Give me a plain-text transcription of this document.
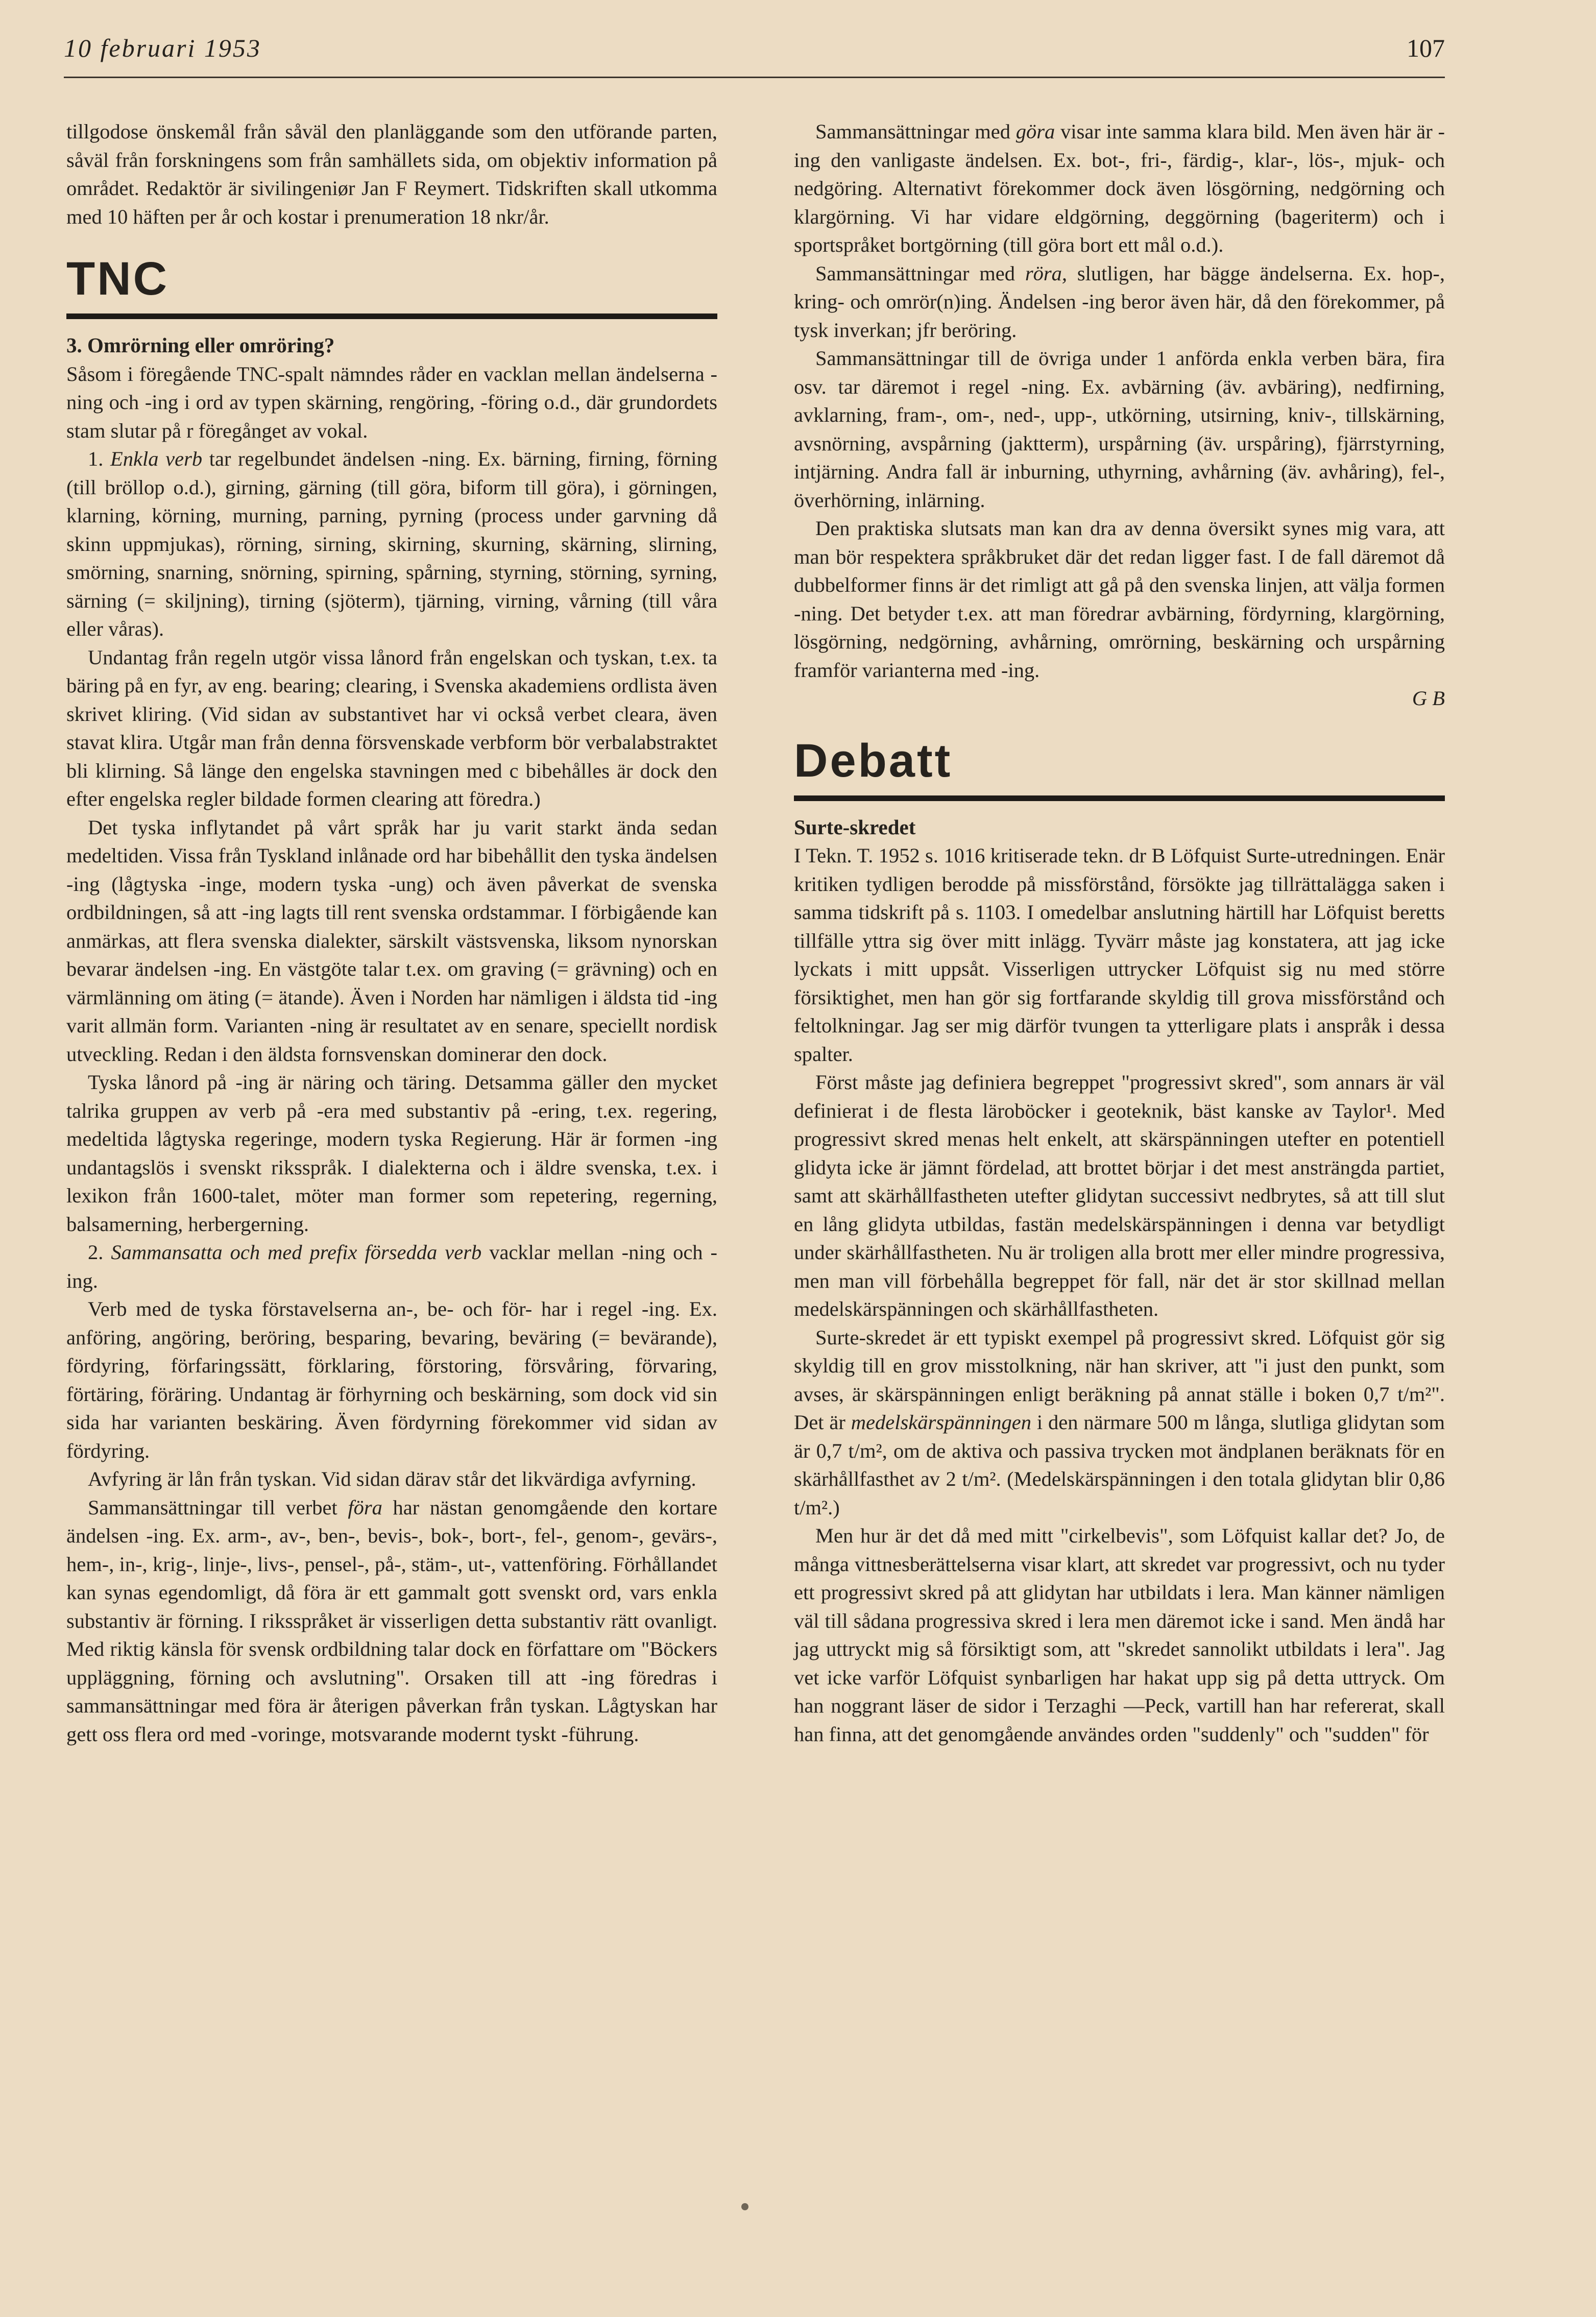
10 februari 1953	107

tillgodose önskemål från såväl den planläggande som den utförande parten, såväl från forskningens som från samhällets sida, om objektiv information på området. Redaktör är sivilingeniør Jan F Reymert. Tidskriften skall utkomma med 10 häften per år och kostar i prenumeration 18 nkr/år.

TNC

3. Omrörning eller omröring?

Såsom i föregående TNC-spalt nämndes råder en vacklan mellan ändelserna -ning och -ing i ord av typen skärning, rengöring, -föring o.d., där grundordets stam slutar på r föregånget av vokal.

1. Enkla verb tar regelbundet ändelsen -ning. Ex. bärning, firning, förning (till bröllop o.d.), girning, gärning (till göra, biform till göra), i görningen, klarning, körning, murning, parning, pyrning (process under garvning då skinn uppmjukas), rörning, sirning, skirning, skurning, skärning, slirning, smörning, snarning, snörning, spirning, spårning, styrning, störning, syrning, särning (= skiljning), tirning (sjöterm), tjärning, virning, vårning (till våra eller våras).

Undantag från regeln utgör vissa lånord från engelskan och tyskan, t.ex. ta bäring på en fyr, av eng. bearing; clearing, i Svenska akademiens ordlista även skrivet kliring. (Vid sidan av substantivet har vi också verbet cleara, även stavat klira. Utgår man från denna försvenskade verbform bör verbalabstraktet bli klirning. Så länge den engelska stavningen med c bibehålles är dock den efter engelska regler bildade formen clearing att föredra.)

Det tyska inflytandet på vårt språk har ju varit starkt ända sedan medeltiden. Vissa från Tyskland inlånade ord har bibehållit den tyska ändelsen -ing (lågtyska -inge, modern tyska -ung) och även påverkat de svenska ordbildningen, så att -ing lagts till rent svenska ordstammar. I förbigående kan anmärkas, att flera svenska dialekter, särskilt västsvenska, liksom nynorskan bevarar ändelsen -ing. En västgöte talar t.ex. om graving (= grävning) och en värmlänning om äting (= ätande). Även i Norden har nämligen i äldsta tid -ing varit allmän form. Varianten -ning är resultatet av en senare, speciellt nordisk utveckling. Redan i den äldsta fornsvenskan dominerar den dock.

Tyska lånord på -ing är näring och täring. Detsamma gäller den mycket talrika gruppen av verb på -era med substantiv på -ering, t.ex. regering, medeltida lågtyska regeringe, modern tyska Regierung. Här är formen -ing undantagslös i svenskt riksspråk. I dialekterna och i äldre svenska, t.ex. i lexikon från 1600-talet, möter man former som repetering, regerning, balsamerning, herbergerning.

2. Sammansatta och med prefix försedda verb vacklar mellan -ning och -ing.

Verb med de tyska förstavelserna an-, be- och för- har i regel -ing. Ex. anföring, angöring, beröring, besparing, bevaring, beväring (= bevärande), fördyring, förfaringssätt, förklaring, förstoring, försvåring, förvaring, förtäring, föräring. Undantag är förhyrning och beskärning, som dock vid sin sida har varianten beskäring. Även fördyrning förekommer vid sidan av fördyring.

Avfyring är lån från tyskan. Vid sidan därav står det likvärdiga avfyrning.

Sammansättningar till verbet föra har nästan genomgående den kortare ändelsen -ing. Ex. arm-, av-, ben-, bevis-, bok-, bort-, fel-, genom-, gevärs-, hem-, in-, krig-, linje-, livs-, pensel-, på-, stäm-, ut-, vattenföring. Förhållandet kan synas egendomligt, då föra är ett gammalt gott svenskt ord, vars enkla substantiv är förning. I riksspråket är visserligen detta substantiv rätt ovanligt. Med riktig känsla för svensk ordbildning talar dock en författare om "Böckers uppläggning, förning och avslutning". Orsaken till att -ing föredras i sammansättningar med föra är återigen påverkan från tyskan. Lågtyskan har gett oss flera ord med -voringe, motsvarande modernt tyskt -führung.

Sammansättningar med göra visar inte samma klara bild. Men även här är -ing den vanligaste ändelsen. Ex. bot-, fri-, färdig-, klar-, lös-, mjuk- och nedgöring. Alternativt förekommer dock även lösgörning, nedgörning och klargörning. Vi har vidare eldgörning, deggörning (bageriterm) och i sportspråket bortgörning (till göra bort ett mål o.d.).

Sammansättningar med röra, slutligen, har bägge ändelserna. Ex. hop-, kring- och omrör(n)ing. Ändelsen -ing beror även här, då den förekommer, på tysk inverkan; jfr beröring.

Sammansättningar till de övriga under 1 anförda enkla verben bära, fira osv. tar däremot i regel -ning. Ex. avbärning (äv. avbäring), nedfirning, avklarning, fram-, om-, ned-, upp-, utkörning, utsirning, kniv-, tillskärning, avsnörning, avspårning (jaktterm), urspårning (äv. urspåring), fjärrstyrning, intjärning. Andra fall är inburning, uthyrning, avhårning (äv. avhåring), fel-, överhörning, inlärning.

Den praktiska slutsats man kan dra av denna översikt synes mig vara, att man bör respektera språkbruket där det redan ligger fast. I de fall däremot då dubbelformer finns är det rimligt att gå på den svenska linjen, att välja formen -ning. Det betyder t.ex. att man föredrar avbärning, fördyrning, klargörning, lösgörning, nedgörning, avhårning, omrörning, beskärning och urspårning framför varianterna med -ing.

G B

Debatt

Surte-skredet

I Tekn. T. 1952 s. 1016 kritiserade tekn. dr B Löfquist Surte-utredningen. Enär kritiken tydligen berodde på missförstånd, försökte jag tillrättalägga saken i samma tidskrift på s. 1103. I omedelbar anslutning härtill har Löfquist beretts tillfälle yttra sig över mitt inlägg. Tyvärr måste jag konstatera, att jag icke lyckats i mitt uppsåt. Visserligen uttrycker Löfquist sig nu med större försiktighet, men han gör sig fortfarande skyldig till grova missförstånd och feltolkningar. Jag ser mig därför tvungen ta ytterligare plats i anspråk i dessa spalter.

Först måste jag definiera begreppet "progressivt skred", som annars är väl definierat i de flesta läroböcker i geoteknik, bäst kanske av Taylor¹. Med progressivt skred menas helt enkelt, att skärspänningen utefter en potentiell glidyta icke är jämnt fördelad, att brottet börjar i det mest ansträngda partiet, samt att skärhållfastheten utefter glidytan successivt nedbrytes, så att till slut en lång glidyta utbildas, fastän medelskärspänningen i denna var betydligt under skärhållfastheten. Nu är troligen alla brott mer eller mindre progressiva, men man vill förbehålla begreppet för fall, när det är stor skillnad mellan medelskärspänningen och skärhållfastheten.

Surte-skredet är ett typiskt exempel på progressivt skred. Löfquist gör sig skyldig till en grov misstolkning, när han skriver, att "i just den punkt, som avses, är skärspänningen enligt beräkning på annat ställe i boken 0,7 t/m²". Det är medelskärspänningen i den närmare 500 m långa, slutliga glidytan som är 0,7 t/m², om de aktiva och passiva trycken mot ändplanen beräknats för en skärhållfasthet av 2 t/m². (Medelskärspänningen i den totala glidytan blir 0,86 t/m².)

Men hur är det då med mitt "cirkelbevis", som Löfquist kallar det? Jo, de många vittnesberättelserna visar klart, att skredet var progressivt, och nu tyder ett progressivt skred på att glidytan har utbildats i lera. Man känner nämligen väl till sådana progressiva skred i lera men däremot icke i sand. Men ändå har jag uttryckt mig så försiktigt som, att "skredet sannolikt utbildats i lera". Jag vet icke varför Löfquist synbarligen har hakat upp sig på detta uttryck. Om han noggrant läser de sidor i Terzaghi —Peck, vartill han har refererat, skall han finna, att det genomgående användes orden "suddenly" och "sudden" för
